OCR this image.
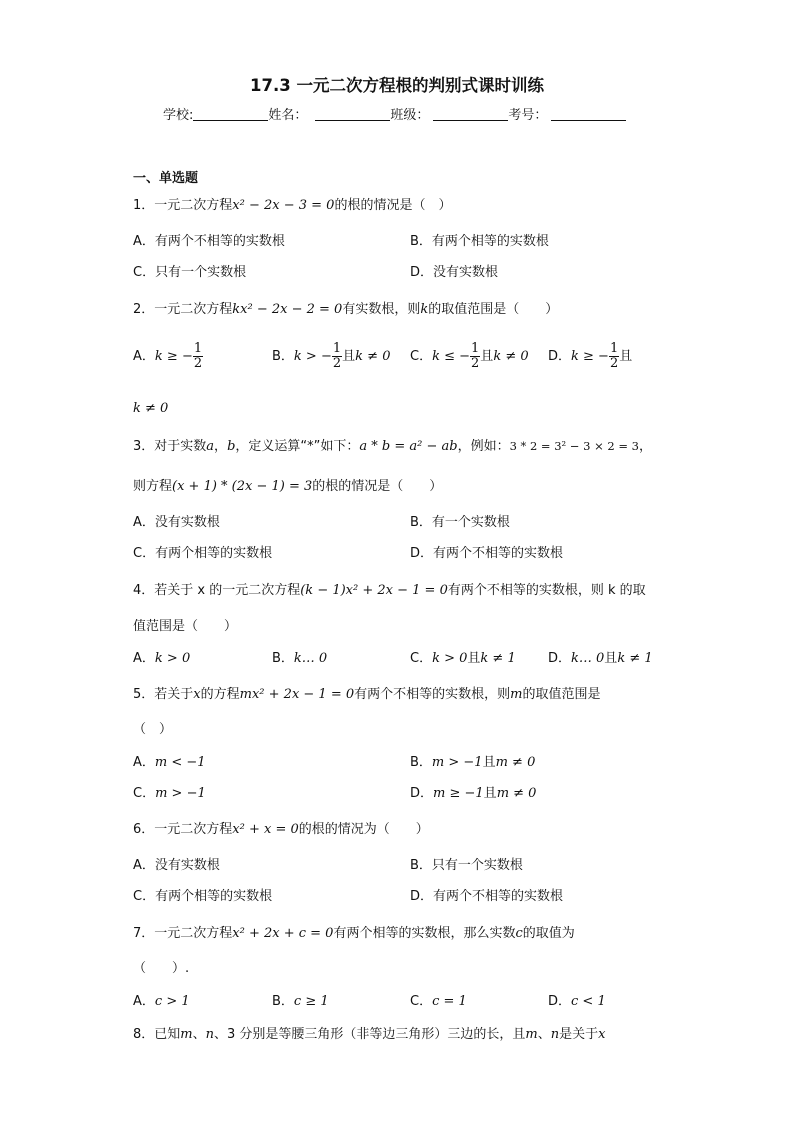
17.3 一元二次方程根的判别式课时训练
学校:	姓名：	班级：	考号：
一、单选题
1．一元二次方程x² − 2x − 3 = 0的根的情况是（　）
A．有两个不相等的实数根	B．有两个相等的实数根
C．只有一个实数根	D．没有实数根
2．一元二次方程kx² − 2x − 2 = 0有实数根，则k的取值范围是（　　）
A．k ≥ − $\frac{1}{2}$	B．k > − $\frac{1}{2}$ 且k ≠ 0 C．k ≤ − $\frac{1}{2}$ 且k ≠ 0 D．k ≥ − $\frac{1}{2}$ 且
k ≠ 0
3．对于实数a，b，定义运算“*”如下：a * b = a² − ab，例如：3 * 2 = 3² − 3 × 2 = 3，
则方程(x + 1) * (2x − 1) = 3的根的情况是（　　）
A．没有实数根	B．有一个实数根
C．有两个相等的实数根	D．有两个不相等的实数根
4．若关于 x 的一元二次方程(k − 1)x² + 2x − 1 = 0有两个不相等的实数根，则 k 的取
值范围是（　　）
A．k > 0	B．k… 0	C．k > 0且k ≠ 1 D．k… 0且k ≠ 1
5．若关于x的方程mx² + 2x − 1 = 0有两个不相等的实数根，则m的取值范围是
（　）
A．m < −1	B．m > −1且m ≠ 0
C．m > −1	D．m ≥ −1且m ≠ 0
6．一元二次方程x² + x = 0的根的情况为（　　）
A．没有实数根	B．只有一个实数根
C．有两个相等的实数根	D．有两个不相等的实数根
7．一元二次方程x² + 2x + c = 0有两个相等的实数根，那么实数c的取值为
（　　）.
A．c > 1	B．c ≥ 1	C．c = 1	D．c < 1
8．已知m、n、3 分别是等腰三角形（非等边三角形）三边的长，且m、n是关于x
